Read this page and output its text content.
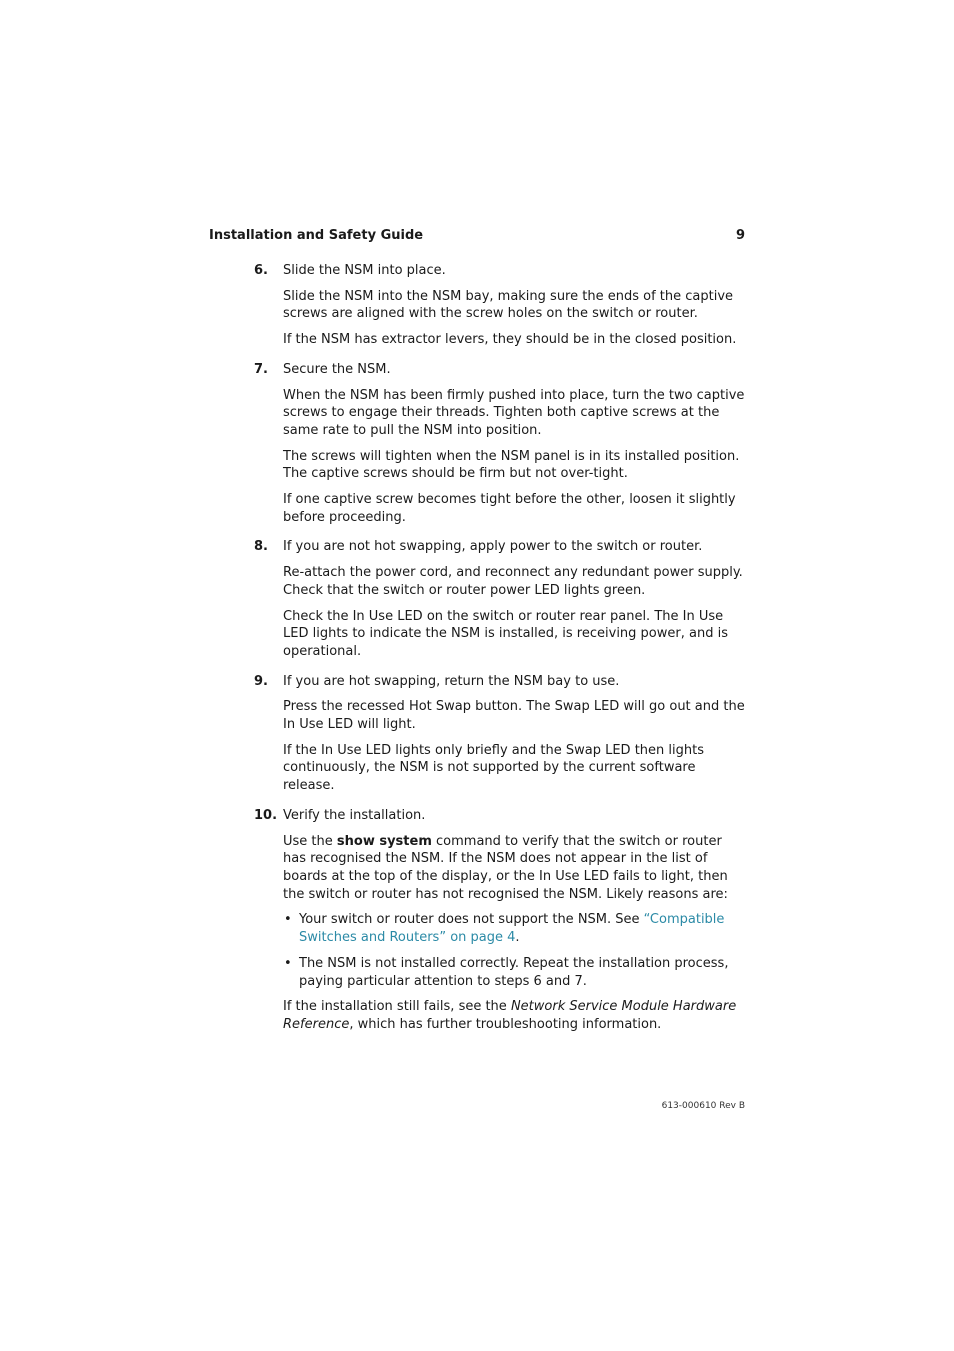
Installation and Safety Guide	9
6. Slide the NSM into place.
Slide the NSM into the NSM bay, making sure the ends of the captive screws are aligned with the screw holes on the switch or router.
If the NSM has extractor levers, they should be in the closed position.
7. Secure the NSM.
When the NSM has been firmly pushed into place, turn the two captive screws to engage their threads. Tighten both captive screws at the same rate to pull the NSM into position.
The screws will tighten when the NSM panel is in its installed position. The captive screws should be firm but not over-tight.
If one captive screw becomes tight before the other, loosen it slightly before proceeding.
8. If you are not hot swapping, apply power to the switch or router.
Re-attach the power cord, and reconnect any redundant power supply. Check that the switch or router power LED lights green.
Check the In Use LED on the switch or router rear panel. The In Use LED lights to indicate the NSM is installed, is receiving power, and is operational.
9. If you are hot swapping, return the NSM bay to use.
Press the recessed Hot Swap button. The Swap LED will go out and the In Use LED will light.
If the In Use LED lights only briefly and the Swap LED then lights continuously, the NSM is not supported by the current software release.
10. Verify the installation.
Use the show system command to verify that the switch or router has recognised the NSM. If the NSM does not appear in the list of boards at the top of the display, or the In Use LED fails to light, then the switch or router has not recognised the NSM. Likely reasons are:
• Your switch or router does not support the NSM. See “Compatible Switches and Routers” on page 4.
• The NSM is not installed correctly. Repeat the installation process, paying particular attention to steps 6 and 7.
If the installation still fails, see the Network Service Module Hardware Reference, which has further troubleshooting information.
613-000610 Rev B
